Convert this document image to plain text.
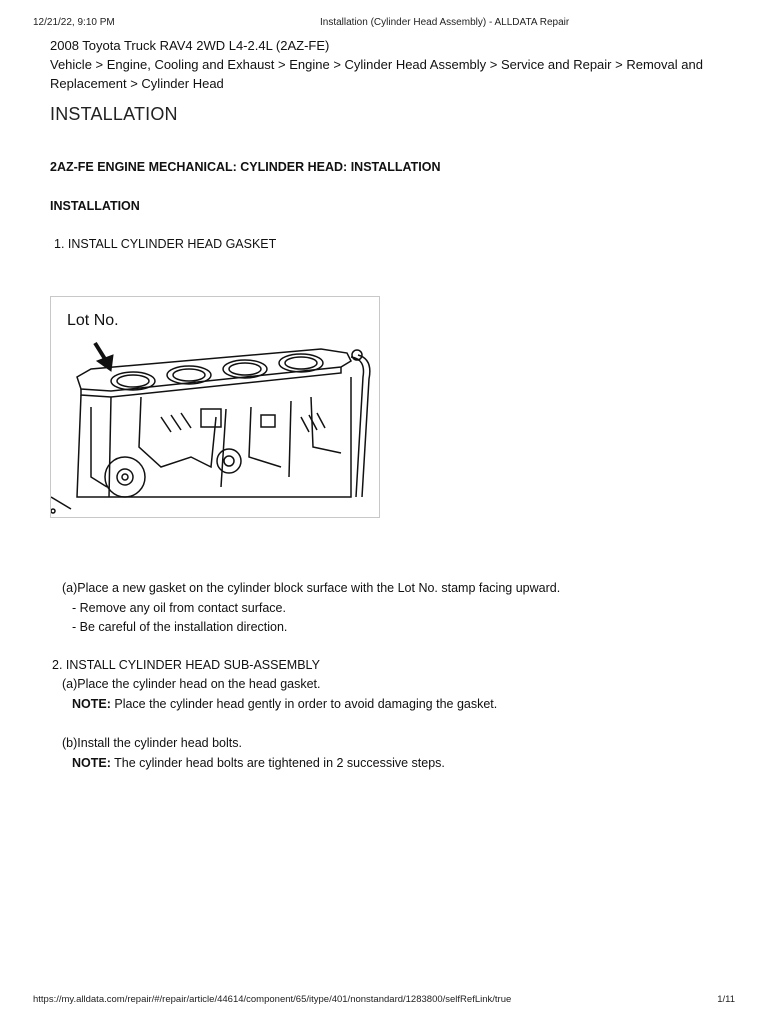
12/21/22, 9:10 PM	Installation (Cylinder Head Assembly) - ALLDATA Repair

2008 Toyota Truck RAV4 2WD L4-2.4L (2AZ-FE)

Vehicle > Engine, Cooling and Exhaust > Engine > Cylinder Head Assembly > Service and Repair > Removal and Replacement > Cylinder Head

INSTALLATION

2AZ-FE ENGINE MECHANICAL: CYLINDER HEAD: INSTALLATION

INSTALLATION

1. INSTALL CYLINDER HEAD GASKET

Lot No.
(a)Place a new gasket on the cylinder block surface with the Lot No. stamp facing upward.
- Remove any oil from contact surface.
- Be careful of the installation direction.
2. INSTALL CYLINDER HEAD SUB-ASSEMBLY
(a)Place the cylinder head on the head gasket.
NOTE: Place the cylinder head gently in order to avoid damaging the gasket.
(b)Install the cylinder head bolts.
NOTE: The cylinder head bolts are tightened in 2 successive steps.
https://my.alldata.com/repair/#/repair/article/44614/component/65/itype/401/nonstandard/1283800/selfRefLink/true	1/11
